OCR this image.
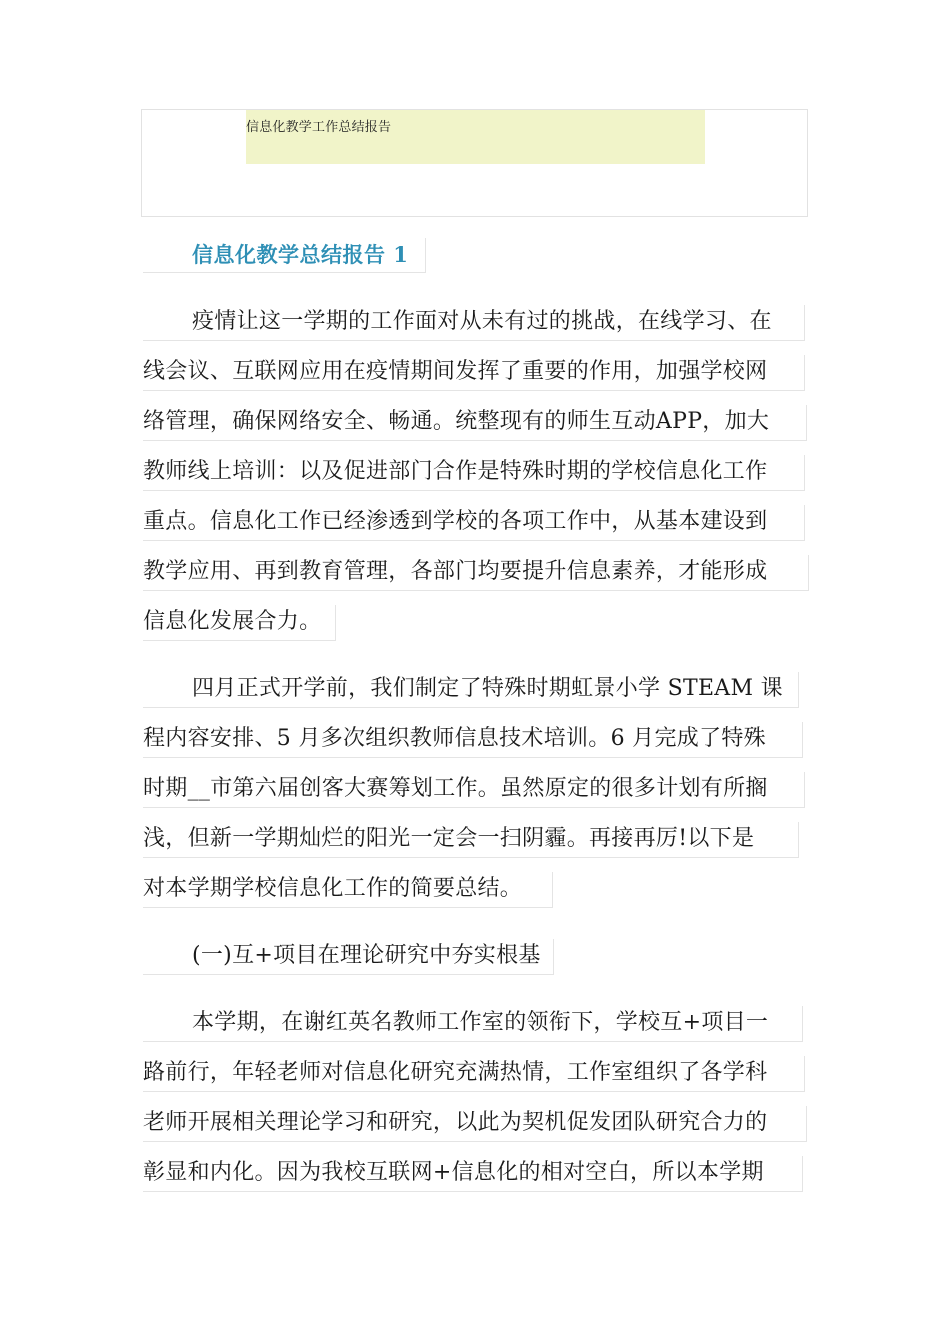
信息化教学工作总结报告
信息化教学总结报告 1
疫情让这一学期的工作面对从未有过的挑战，在线学习、在
线会议、互联网应用在疫情期间发挥了重要的作用，加强学校网
络管理，确保网络安全、畅通。统整现有的师生互动APP，加大
教师线上培训：以及促进部门合作是特殊时期的学校信息化工作
重点。信息化工作已经渗透到学校的各项工作中，从基本建设到
教学应用、再到教育管理，各部门均要提升信息素养，才能形成
信息化发展合力。
四月正式开学前，我们制定了特殊时期虹景小学 STEAM 课
程内容安排、5 月多次组织教师信息技术培训。6 月完成了特殊
时期__市第六届创客大赛筹划工作。虽然原定的很多计划有所搁
浅，但新一学期灿烂的阳光一定会一扫阴霾。再接再厉!以下是
对本学期学校信息化工作的简要总结。
(一)互+项目在理论研究中夯实根基
本学期，在谢红英名教师工作室的领衔下，学校互+项目一
路前行，年轻老师对信息化研究充满热情，工作室组织了各学科
老师开展相关理论学习和研究，以此为契机促发团队研究合力的
彰显和内化。因为我校互联网+信息化的相对空白，所以本学期
